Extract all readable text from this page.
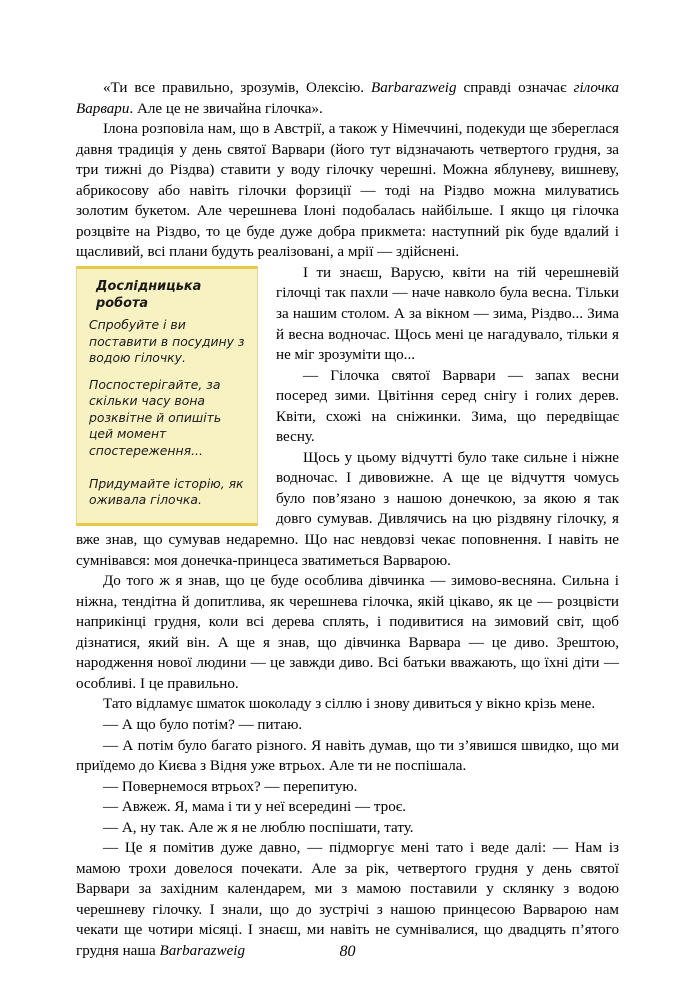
«Ти все правильно, зрозумів, Олексію. Barbarazweig справді означає гілочка Варвари. Але це не звичайна гілочка».

Ілона розповіла нам, що в Австрії, а також у Німеччині, подекуди ще збереглася давня традиція у день святої Варвари (його тут відзначають четвертого грудня, за три тижні до Різдва) ставити у воду гілочку черешні. Можна яблуневу, вишневу, абрикосову або навіть гілочки форзиції — тоді на Різдво можна милуватись золотим букетом. Але черешнева Ілоні подобалась найбільше. І якщо ця гілочка розцвіте на Різдво, то це буде дуже добра прикмета: наступний рік буде вдалий і щасливий, всі плани будуть реалізовані, а мрії — здійснені.

Дослідницька робота

Спробуйте і ви поставити в посудину з водою гілочку.

Поспостерігайте, за скільки часу вона розквітне й опишіть цей момент спостереження...

Придумайте історію, як оживала гілочка.

І ти знаєш, Варусю, квіти на тій черешневій гілочці так пахли — наче навколо була весна. Тільки за нашим столом. А за вікном — зима, Різдво... Зима й весна водночас. Щось мені це нагадувало, тільки я не міг зрозуміти що...

— Гілочка святої Варвари — запах весни посеред зими. Цвітіння серед снігу і голих дерев. Квіти, схожі на сніжинки. Зима, що передвіщає весну.

Щось у цьому відчутті було таке сильне і ніжне водночас. І дивовижне. А ще це відчуття чомусь було пов’язано з нашою донечкою, за якою я так довго сумував. Дивлячись на цю різдвяну гілочку, я вже знав, що сумував недаремно. Що нас невдовзі чекає поповнення. І навіть не сумнівався: моя донечка-принцеса зватиметься Варварою.

До того ж я знав, що це буде особлива дівчинка — зимово-весняна. Сильна і ніжна, тендітна й допитлива, як черешнева гілочка, якій цікаво, як це — розцвісти наприкінці грудня, коли всі дерева сплять, і подивитися на зимовий світ, щоб дізнатися, який він. А ще я знав, що дівчинка Варвара — це диво. Зрештою, народження нової людини — це завжди диво. Всі батьки вважають, що їхні діти — особливі. І це правильно.

Тато відламує шматок шоколаду з сіллю і знову дивиться у вікно крізь мене.

— А що було потім? — питаю.

— А потім було багато різного. Я навіть думав, що ти з’явишся швидко, що ми приїдемо до Києва з Відня уже втрьох. Але ти не поспішала.

— Повернемося втрьох? — перепитую.

— Авжеж. Я, мама і ти у неї всередині — троє.

— А, ну так. Але ж я не люблю поспішати, тату.

— Це я помітив дуже давно, — підморгує мені тато і веде далі: — Нам із мамою трохи довелося почекати. Але за рік, четвертого грудня у день святої Варвари за західним календарем, ми з мамою поставили у склянку з водою черешневу гілочку. І знали, що до зустрічі з нашою принцесою Варварою нам чекати ще чотири місяці. І знаєш, ми навіть не сумнівалися, що двадцять п’ятого грудня наша Barbarazweig	80
